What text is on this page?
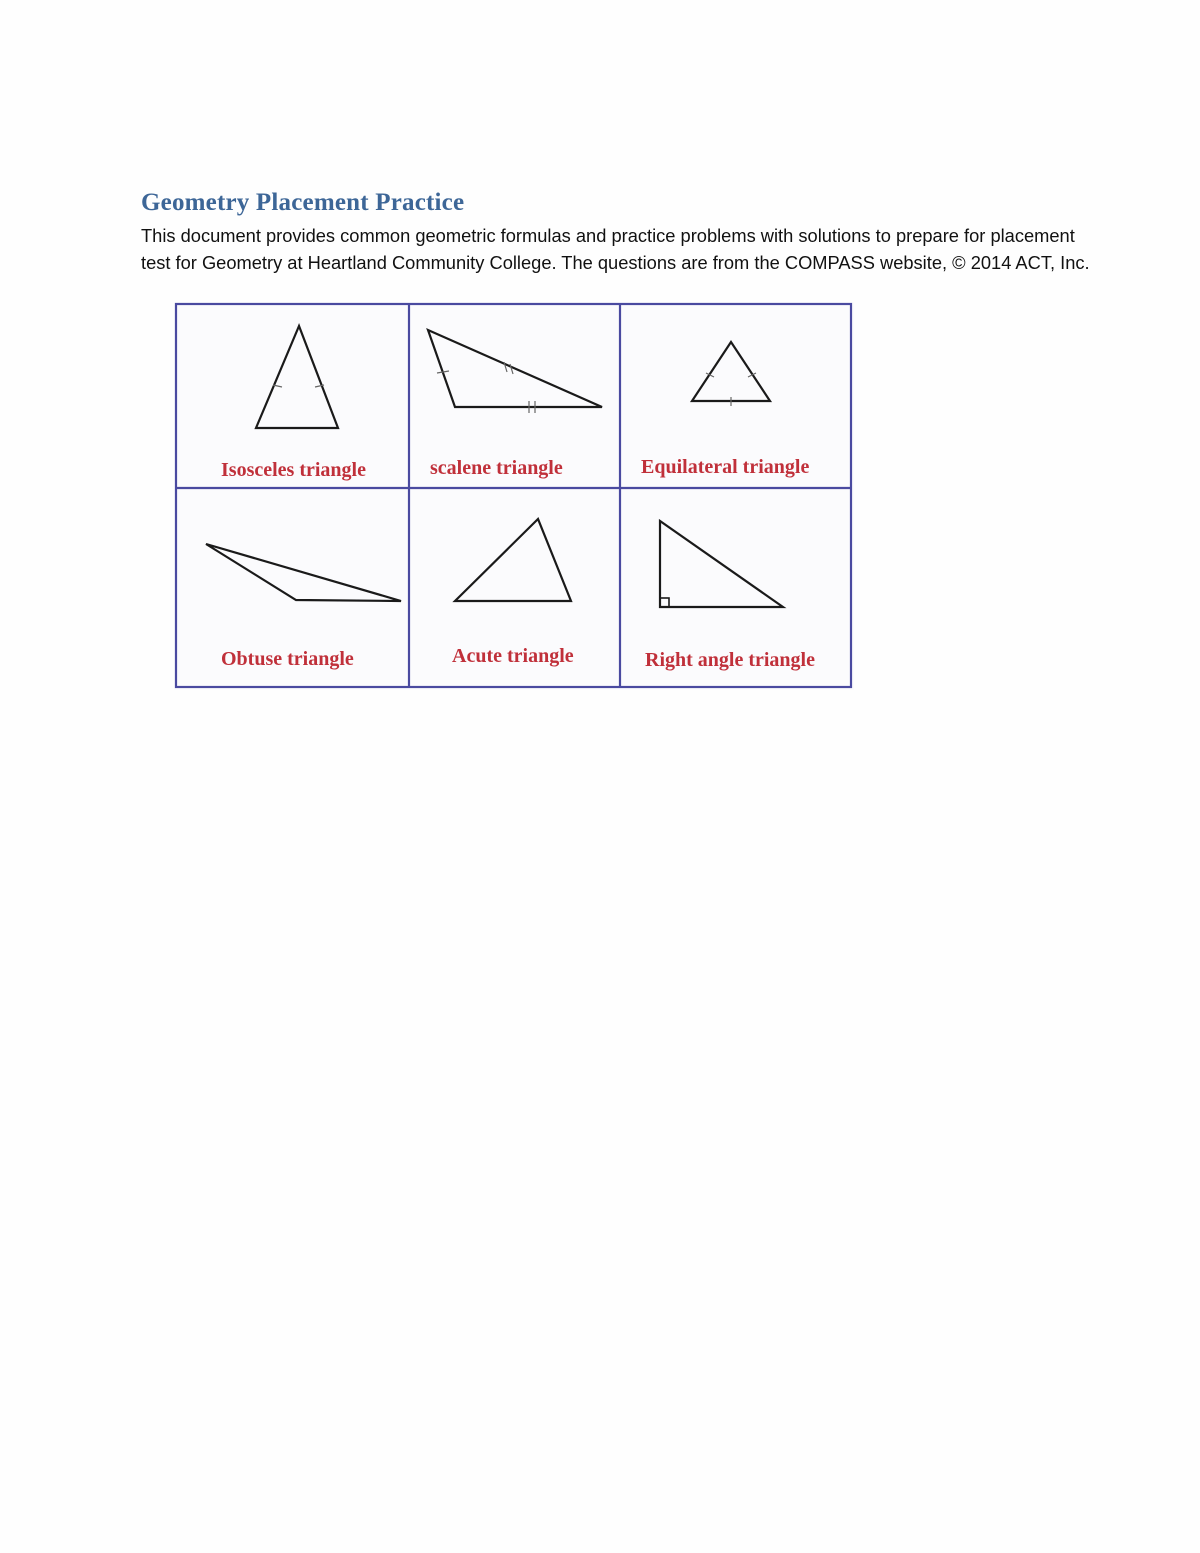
Geometry Placement Practice

This document provides common geometric formulas and practice problems with solutions to prepare for placement test for Geometry at Heartland Community College. The questions are from the COMPASS website, © 2014 ACT, Inc.

Isosceles triangle	scalene triangle	Equilateral triangle
Obtuse triangle	Acute triangle	Right angle triangle
